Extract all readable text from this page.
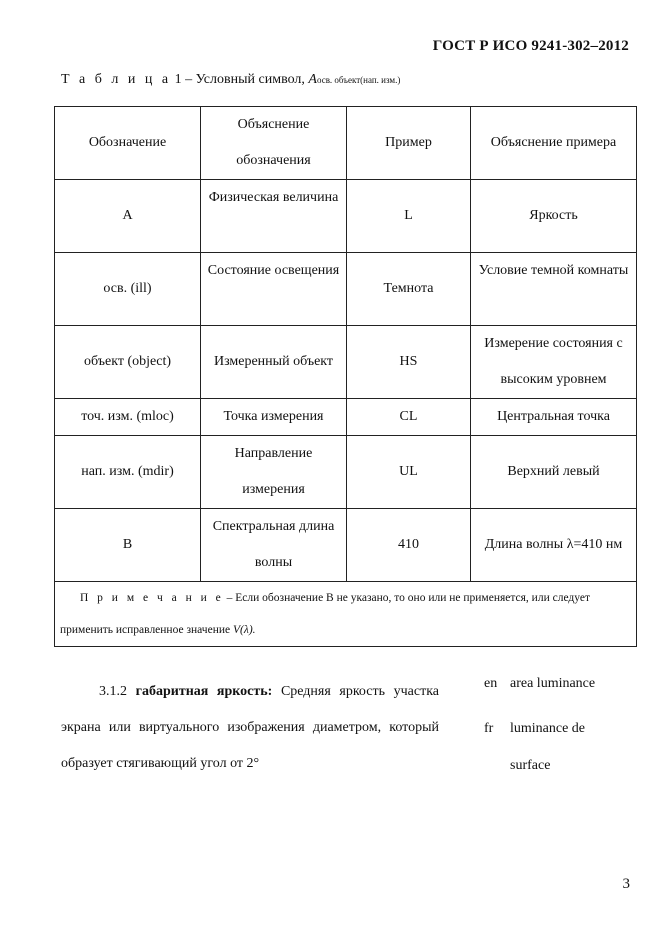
ГОСТ Р ИСО 9241-302–2012
Т а б л и ц а 1 – Условный символ, Aосв. объект(нап. изм.)
Обозначение	Объяснение обозначения	Пример	Объяснение примера
A	Физическая величина	L	Яркость
осв. (ill)	Состояние освещения	Темнота	Условие темной комнаты
объект (object)	Измеренный объект	HS	Измерение состояния с высоким уровнем
точ. изм. (mloc)	Точка измерения	CL	Центральная точка
нап. изм. (mdir)	Направление измерения	UL	Верхний левый
B	Спектральная длина волны	410	Длина волны λ=410 нм
П р и м е ч а н и е – Если обозначение B не указано, то оно или не применяется, или следует применить исправленное значение V(λ).			
3.1.2 габаритная яркость: Средняя яркость участка экрана или виртуального изображения диаметром, который образует стягивающий угол от 2°
en area luminance
fr luminance de
surface
3
